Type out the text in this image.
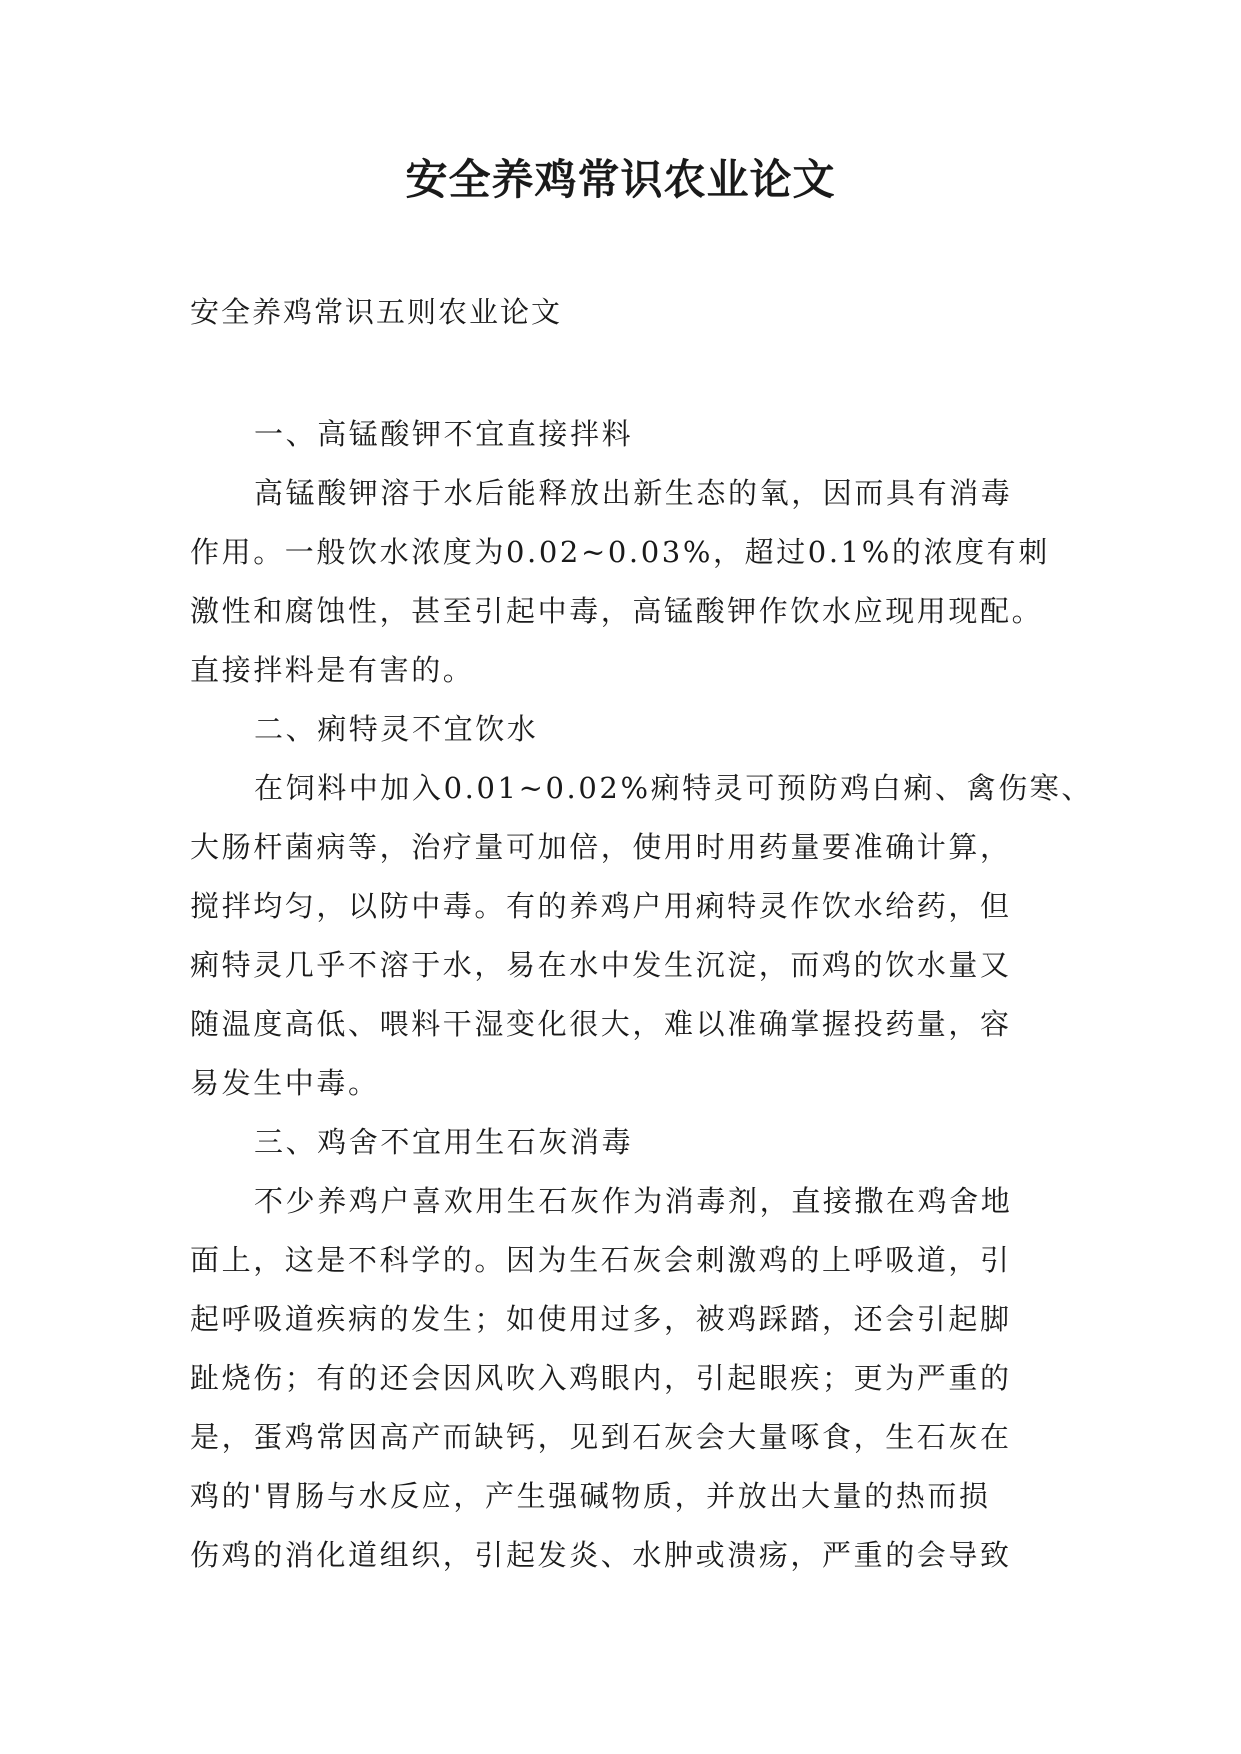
安全养鸡常识农业论文

安全养鸡常识五则农业论文

一、高锰酸钾不宜直接拌料
高锰酸钾溶于水后能释放出新生态的氧，因而具有消毒
作用。一般饮水浓度为0.02~0.03%，超过0.1%的浓度有刺
激性和腐蚀性，甚至引起中毒，高锰酸钾作饮水应现用现配。
直接拌料是有害的。
二、痢特灵不宜饮水
在饲料中加入0.01~0.02%痢特灵可预防鸡白痢、禽伤寒、
大肠杆菌病等，治疗量可加倍，使用时用药量要准确计算，
搅拌均匀，以防中毒。有的养鸡户用痢特灵作饮水给药，但
痢特灵几乎不溶于水，易在水中发生沉淀，而鸡的饮水量又
随温度高低、喂料干湿变化很大，难以准确掌握投药量，容
易发生中毒。
三、鸡舍不宜用生石灰消毒
不少养鸡户喜欢用生石灰作为消毒剂，直接撒在鸡舍地
面上，这是不科学的。因为生石灰会刺激鸡的上呼吸道，引
起呼吸道疾病的发生；如使用过多，被鸡踩踏，还会引起脚
趾烧伤；有的还会因风吹入鸡眼内，引起眼疾；更为严重的
是，蛋鸡常因高产而缺钙，见到石灰会大量啄食，生石灰在
鸡的'胃肠与水反应，产生强碱物质，并放出大量的热而损
伤鸡的消化道组织，引起发炎、水肿或溃疡，严重的会导致
